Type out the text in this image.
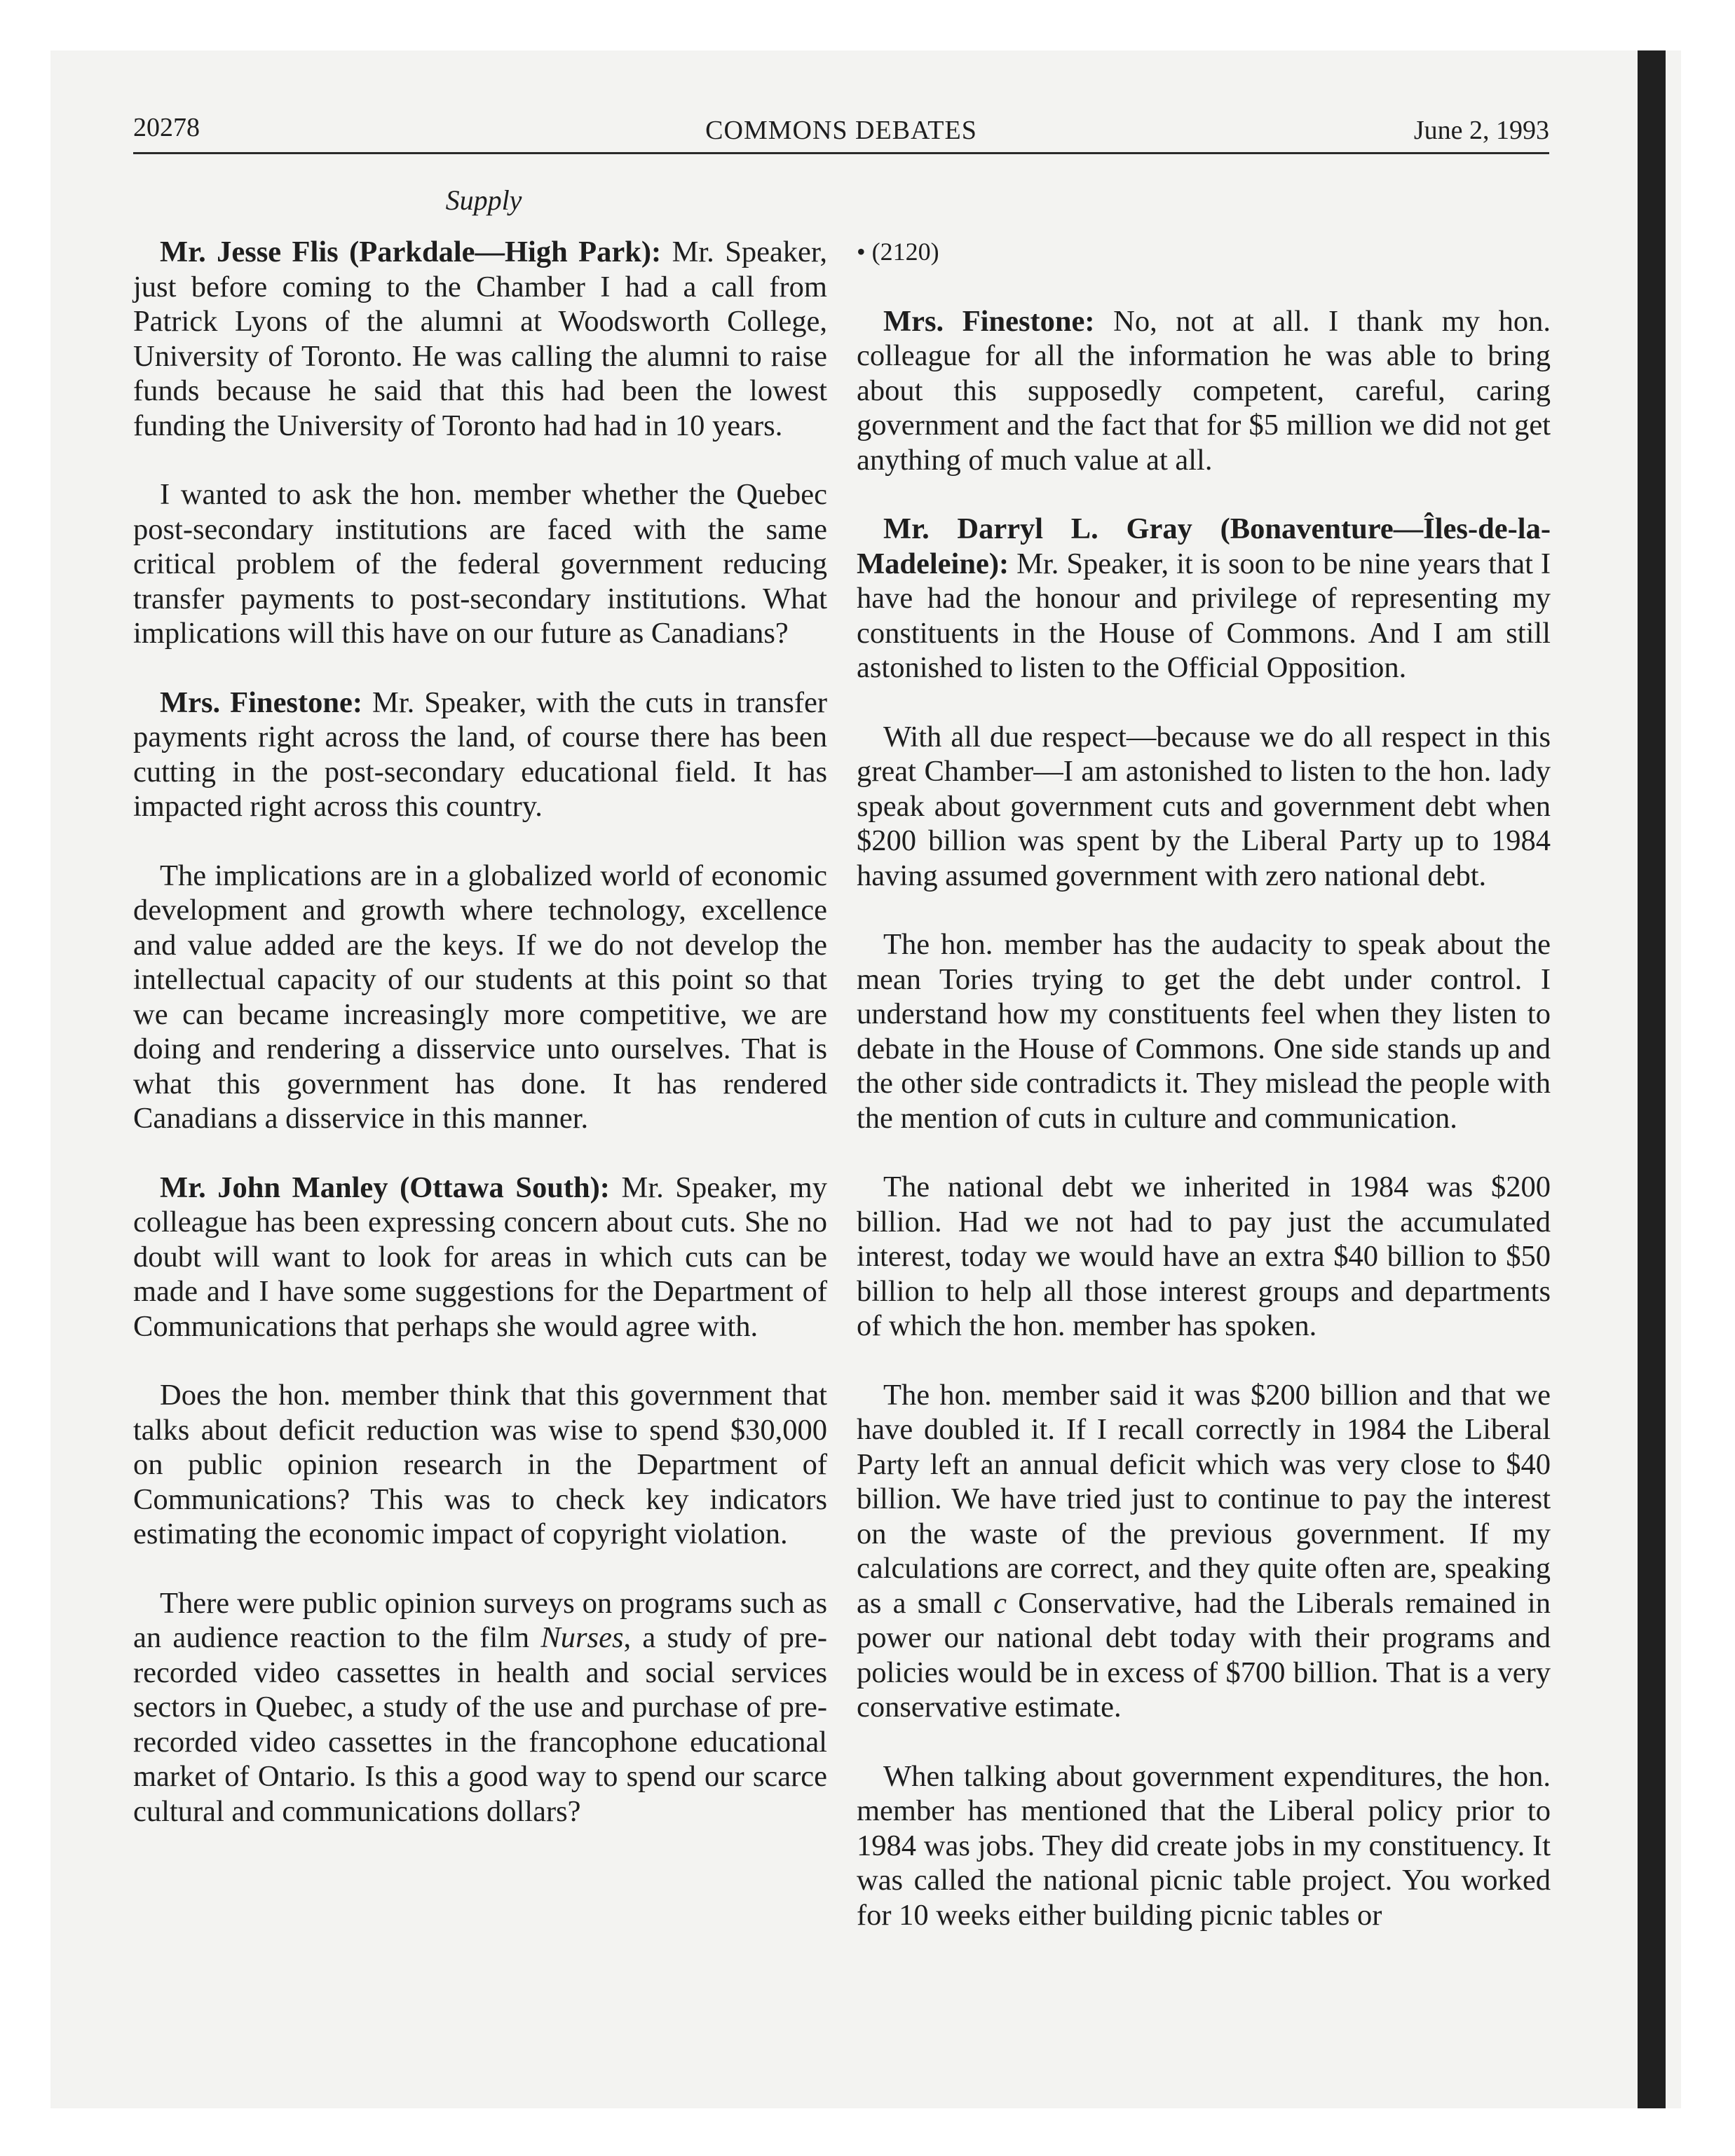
20278	COMMONS DEBATES	June 2, 1993
Supply

Mr. Jesse Flis (Parkdale—High Park): Mr. Speaker, just before coming to the Chamber I had a call from Patrick Lyons of the alumni at Woodsworth College, University of Toronto. He was calling the alumni to raise funds because he said that this had been the lowest funding the University of Toronto had had in 10 years.

I wanted to ask the hon. member whether the Quebec post-secondary institutions are faced with the same critical problem of the federal government reducing transfer payments to post-secondary institutions. What implications will this have on our future as Canadians?

Mrs. Finestone: Mr. Speaker, with the cuts in transfer payments right across the land, of course there has been cutting in the post-secondary educational field. It has impacted right across this country.

The implications are in a globalized world of economic development and growth where technology, excellence and value added are the keys. If we do not develop the intellectual capacity of our students at this point so that we can became increasingly more competitive, we are doing and rendering a disservice unto ourselves. That is what this government has done. It has rendered Canadians a disservice in this manner.

Mr. John Manley (Ottawa South): Mr. Speaker, my colleague has been expressing concern about cuts. She no doubt will want to look for areas in which cuts can be made and I have some suggestions for the Department of Communications that perhaps she would agree with.

Does the hon. member think that this government that talks about deficit reduction was wise to spend $30,000 on public opinion research in the Department of Communications? This was to check key indicators estimating the economic impact of copyright violation.

There were public opinion surveys on programs such as an audience reaction to the film Nurses, a study of pre-recorded video cassettes in health and social services sectors in Quebec, a study of the use and purchase of pre-recorded video cassettes in the francophone educational market of Ontario. Is this a good way to spend our scarce cultural and communications dollars?

• (2120)

Mrs. Finestone: No, not at all. I thank my hon. colleague for all the information he was able to bring about this supposedly competent, careful, caring government and the fact that for $5 million we did not get anything of much value at all.

Mr. Darryl L. Gray (Bonaventure—Îles-de-la-Madeleine): Mr. Speaker, it is soon to be nine years that I have had the honour and privilege of representing my constituents in the House of Commons. And I am still astonished to listen to the Official Opposition.

With all due respect—because we do all respect in this great Chamber—I am astonished to listen to the hon. lady speak about government cuts and government debt when $200 billion was spent by the Liberal Party up to 1984 having assumed government with zero national debt.

The hon. member has the audacity to speak about the mean Tories trying to get the debt under control. I understand how my constituents feel when they listen to debate in the House of Commons. One side stands up and the other side contradicts it. They mislead the people with the mention of cuts in culture and communication.

The national debt we inherited in 1984 was $200 billion. Had we not had to pay just the accumulated interest, today we would have an extra $40 billion to $50 billion to help all those interest groups and departments of which the hon. member has spoken.

The hon. member said it was $200 billion and that we have doubled it. If I recall correctly in 1984 the Liberal Party left an annual deficit which was very close to $40 billion. We have tried just to continue to pay the interest on the waste of the previous government. If my calculations are correct, and they quite often are, speaking as a small c Conservative, had the Liberals remained in power our national debt today with their programs and policies would be in excess of $700 billion. That is a very conservative estimate.

When talking about government expenditures, the hon. member has mentioned that the Liberal policy prior to 1984 was jobs. They did create jobs in my constituency. It was called the national picnic table project. You worked for 10 weeks either building picnic tables or
